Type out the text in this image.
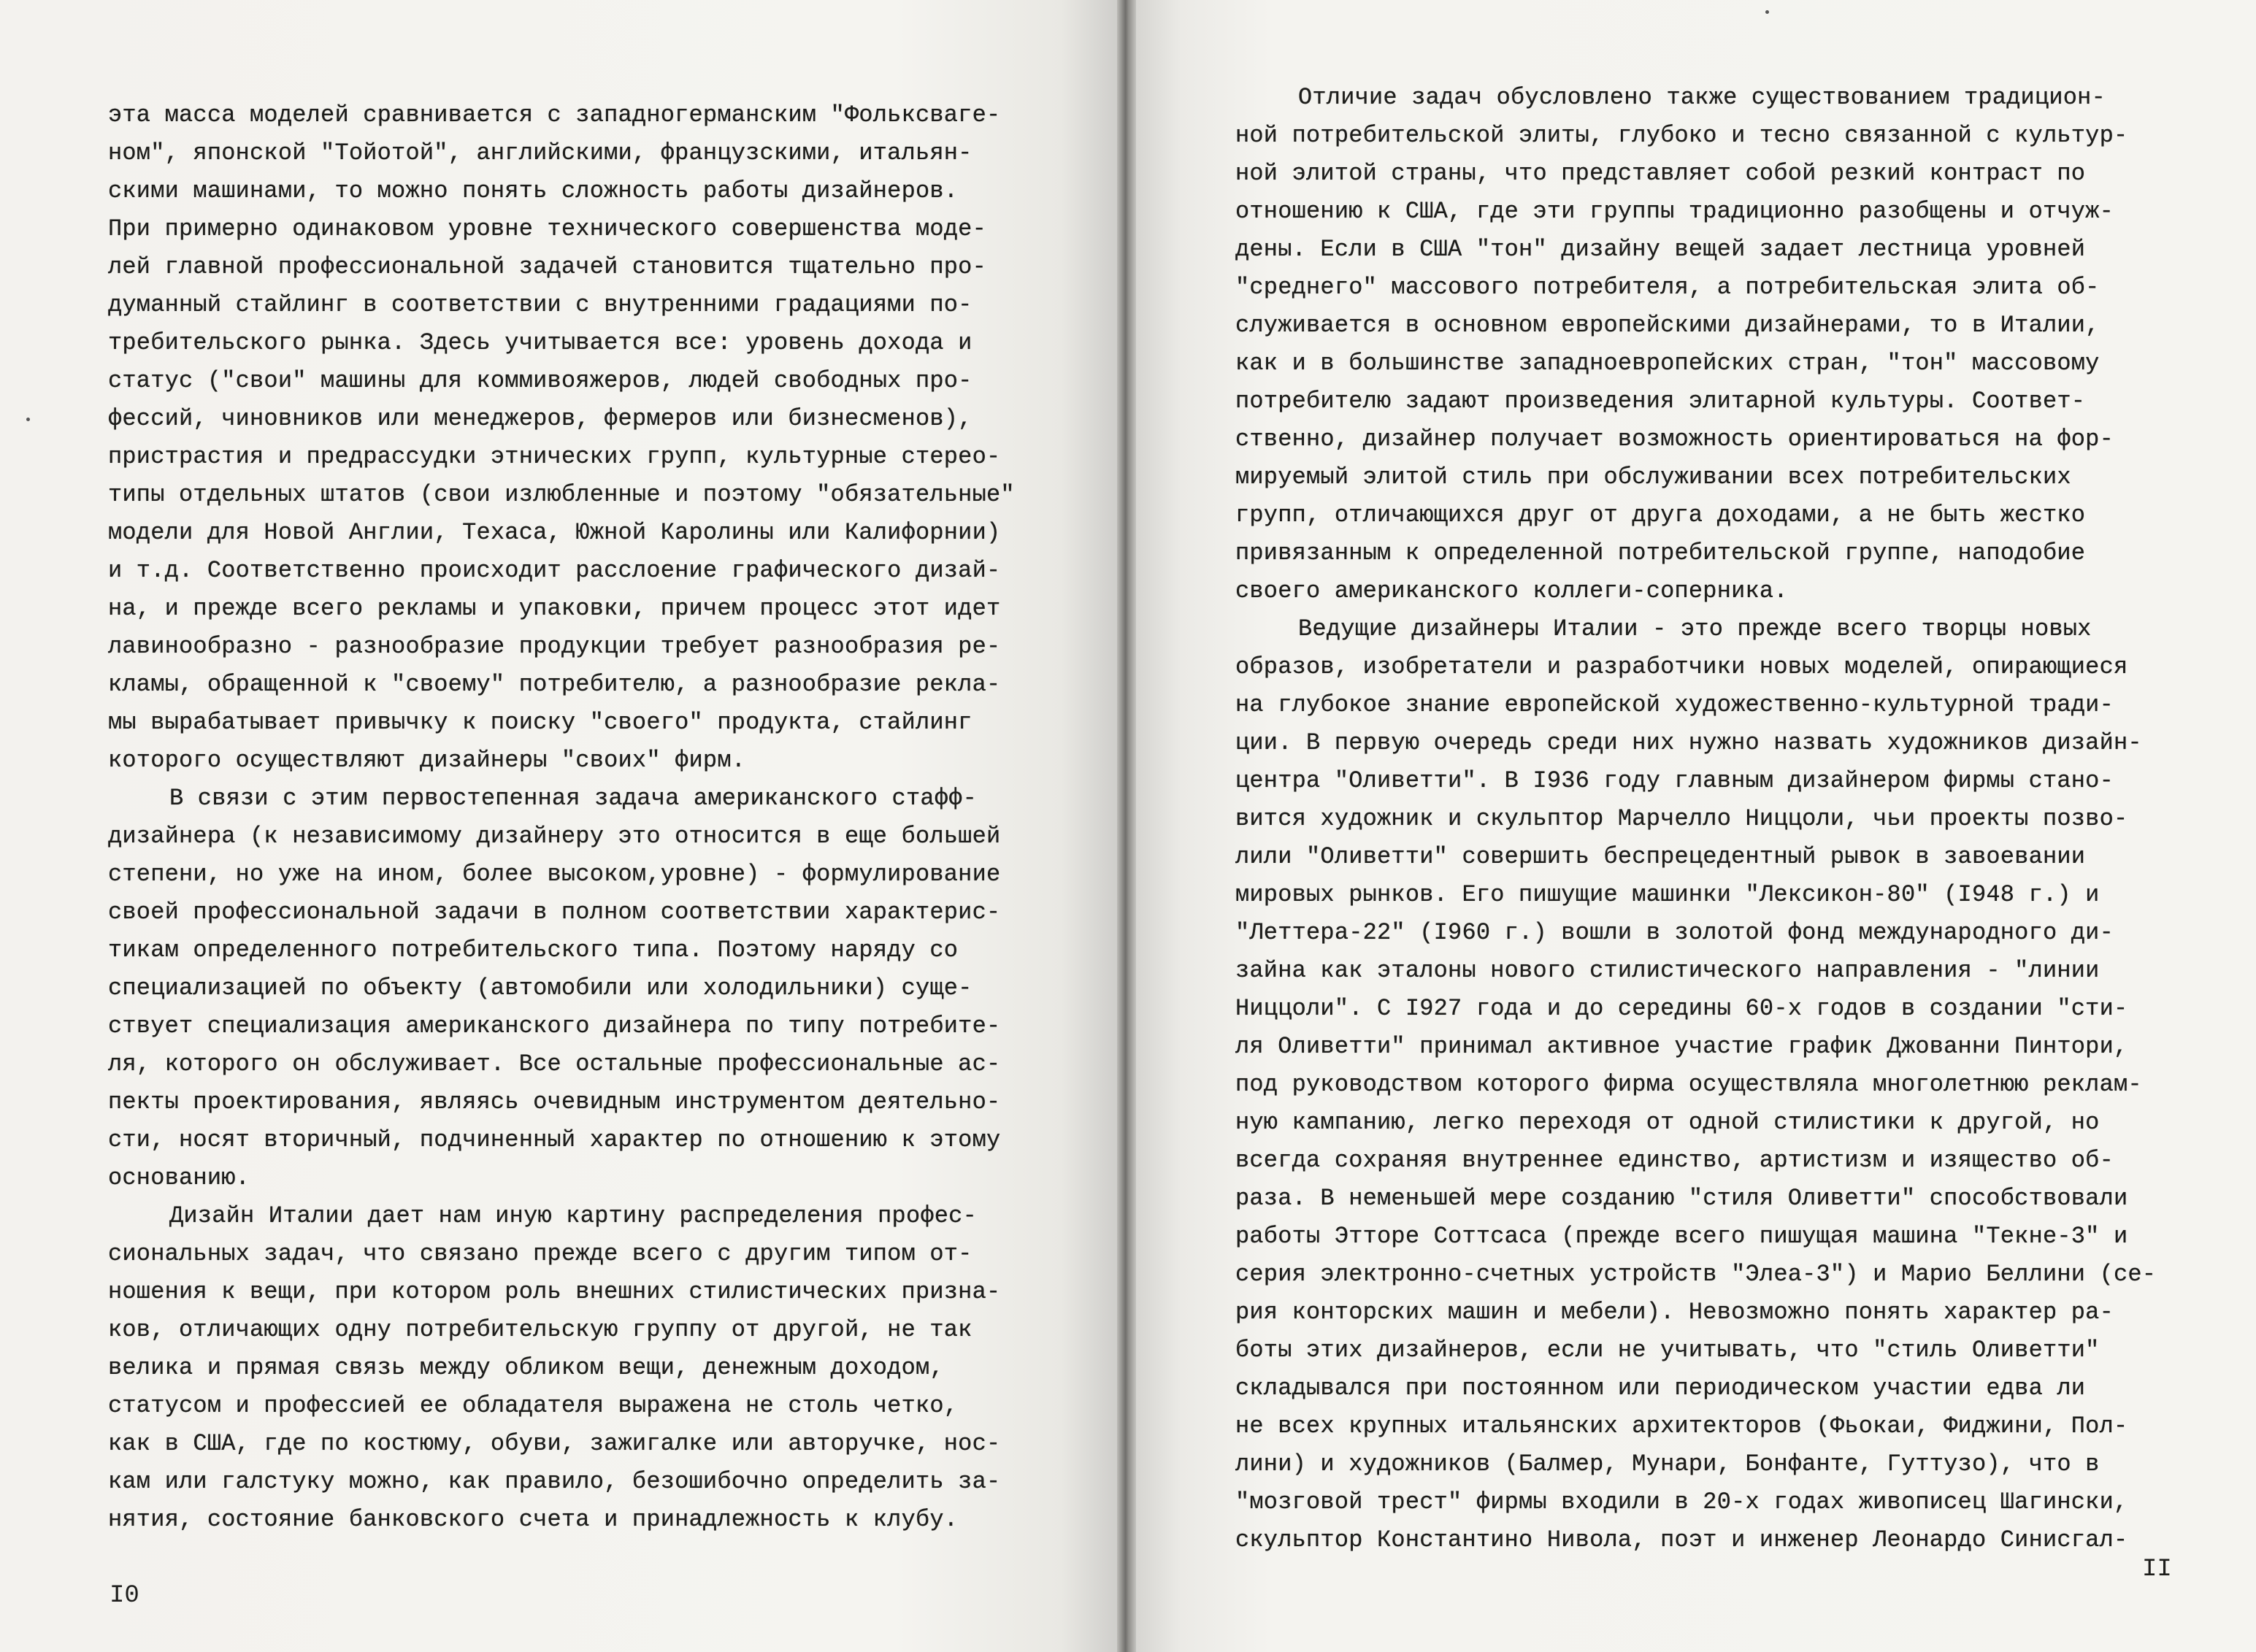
эта масса моделей сравнивается с западногерманским "Фольксваге-
ном", японской "Тойотой", английскими, французскими, итальян-
скими машинами, то можно понять сложность работы дизайнеров.
При примерно одинаковом уровне технического совершенства моде-
лей главной профессиональной задачей становится тщательно про-
думанный стайлинг в соответствии с внутренними градациями по-
требительского рынка. Здесь учитывается все: уровень дохода и
статус ("свои" машины для коммивояжеров, людей свободных про-
фессий, чиновников или менеджеров, фермеров или бизнесменов),
пристрастия и предрассудки этнических групп, культурные стерео-
типы отдельных штатов (свои излюбленные и поэтому "обязательные"
модели для Новой Англии, Техаса, Южной Каролины или Калифорнии)
и т.д. Соответственно происходит расслоение графического дизай-
на, и прежде всего рекламы и упаковки, причем процесс этот идет
лавинообразно - разнообразие продукции требует разнообразия ре-
кламы, обращенной к "своему" потребителю, а разнообразие рекла-
мы вырабатывает привычку к поиску "своего" продукта, стайлинг
которого осуществляют дизайнеры "своих" фирм.
В связи с этим первостепенная задача американского стафф-
дизайнера (к независимому дизайнеру это относится в еще большей
степени, но уже на ином, более высоком,уровне) - формулирование
своей профессиональной задачи в полном соответствии характерис-
тикам определенного потребительского типа. Поэтому наряду со
специализацией по объекту (автомобили или холодильники) суще-
ствует специализация американского дизайнера по типу потребите-
ля, которого он обслуживает. Все остальные профессиональные ас-
пекты проектирования, являясь очевидным инструментом деятельно-
сти, носят вторичный, подчиненный характер по отношению к этому
основанию.
Дизайн Италии дает нам иную картину распределения профес-
сиональных задач, что связано прежде всего с другим типом от-
ношения к вещи, при котором роль внешних стилистических призна-
ков, отличающих одну потребительскую группу от другой, не так
велика и прямая связь между обликом вещи, денежным доходом,
статусом и профессией ее обладателя выражена не столь четко,
как в США, где по костюму, обуви, зажигалке или авторучке, нос-
кам или галстуку можно, как правило, безошибочно определить за-
нятия, состояние банковского счета и принадлежность к клубу.
I0
Отличие задач обусловлено также существованием традицион-
ной потребительской элиты, глубоко и тесно связанной с культур-
ной элитой страны, что представляет собой резкий контраст по
отношению к США, где эти группы традиционно разобщены и отчуж-
дены. Если в США "тон" дизайну вещей задает лестница уровней
"среднего" массового потребителя, а потребительская элита об-
служивается в основном европейскими дизайнерами, то в Италии,
как и в большинстве западноевропейских стран, "тон" массовому
потребителю задают произведения элитарной культуры. Соответ-
ственно, дизайнер получает возможность ориентироваться на фор-
мируемый элитой стиль при обслуживании всех потребительских
групп, отличающихся друг от друга доходами, а не быть жестко
привязанным к определенной потребительской группе, наподобие
своего американского коллеги-соперника.
Ведущие дизайнеры Италии - это прежде всего творцы новых
образов, изобретатели и разработчики новых моделей, опирающиеся
на глубокое знание европейской художественно-культурной тради-
ции. В первую очередь среди них нужно назвать художников дизайн-
центра "Оливетти". В I936 году главным дизайнером фирмы стано-
вится художник и скульптор Марчелло Ниццоли, чьи проекты позво-
лили "Оливетти" совершить беспрецедентный рывок в завоевании
мировых рынков. Его пишущие машинки "Лексикон-80" (I948 г.) и
"Леттера-22" (I960 г.) вошли в золотой фонд международного ди-
зайна как эталоны нового стилистического направления - "линии
Ниццоли". С I927 года и до середины 60-х годов в создании "сти-
ля Оливетти" принимал активное участие график Джованни Пинтори,
под руководством которого фирма осуществляла многолетнюю реклам-
ную кампанию, легко переходя от одной стилистики к другой, но
всегда сохраняя внутреннее единство, артистизм и изящество об-
раза. В неменьшей мере созданию "стиля Оливетти" способствовали
работы Этторе Соттсаса (прежде всего пишущая машина "Текне-3" и
серия электронно-счетных устройств "Элеа-3") и Марио Беллини (се-
рия конторских машин и мебели). Невозможно понять характер ра-
боты этих дизайнеров, если не учитывать, что "стиль Оливетти"
складывался при постоянном или периодическом участии едва ли
не всех крупных итальянских архитекторов (Фьокаи, Фиджини, Пол-
лини) и художников (Балмер, Мунари, Бонфанте, Гуттузо), что в
"мозговой трест" фирмы входили в 20-х годах живописец Шагински,
скульптор Константино Нивола, поэт и инженер Леонардо Синисгал-
II
